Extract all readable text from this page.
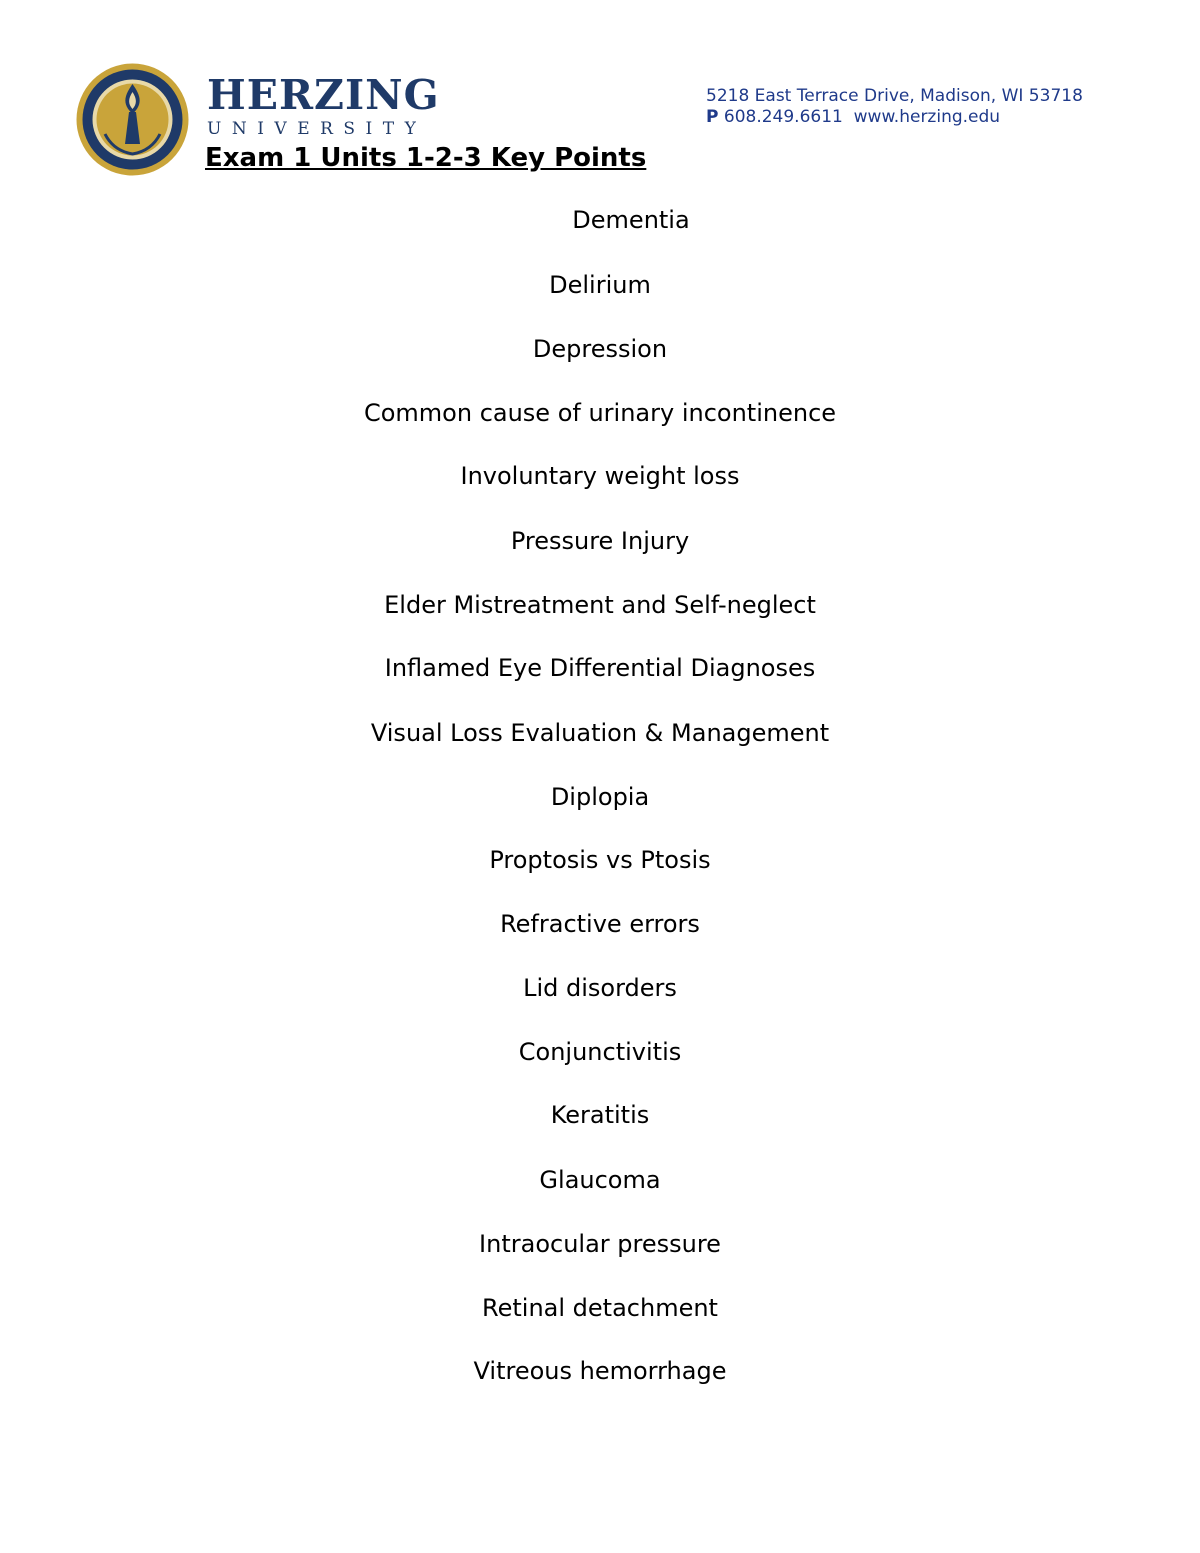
HERZING
UNIVERSITY
5218 East Terrace Drive, Madison, WI 53718
P 608.249.6611 www.herzing.edu
Exam 1 Units 1-2-3 Key Points
Dementia
Delirium
Depression
Common cause of urinary incontinence
Involuntary weight loss
Pressure Injury
Elder Mistreatment and Self-neglect
Inflamed Eye Differential Diagnoses
Visual Loss Evaluation & Management
Diplopia
Proptosis vs Ptosis
Refractive errors
Lid disorders
Conjunctivitis
Keratitis
Glaucoma
Intraocular pressure
Retinal detachment
Vitreous hemorrhage
